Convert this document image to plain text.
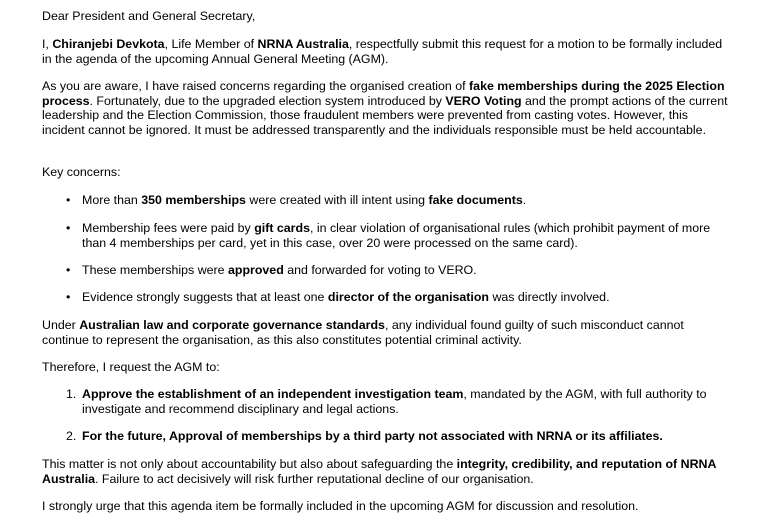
Dear President and General Secretary,

I, Chiranjebi Devkota, Life Member of NRNA Australia, respectfully submit this request for a motion to be formally included in the agenda of the upcoming Annual General Meeting (AGM).

As you are aware, I have raised concerns regarding the organised creation of fake memberships during the 2025 Election process. Fortunately, due to the upgraded election system introduced by VERO Voting and the prompt actions of the current leadership and the Election Commission, those fraudulent members were prevented from casting votes. However, this incident cannot be ignored. It must be addressed transparently and the individuals responsible must be held accountable.

Key concerns:

• More than 350 memberships were created with ill intent using fake documents.

• Membership fees were paid by gift cards, in clear violation of organisational rules (which prohibit payment of more than 4 memberships per card, yet in this case, over 20 were processed on the same card).

• These memberships were approved and forwarded for voting to VERO.

• Evidence strongly suggests that at least one director of the organisation was directly involved.

Under Australian law and corporate governance standards, any individual found guilty of such misconduct cannot continue to represent the organisation, as this also constitutes potential criminal activity.

Therefore, I request the AGM to:

1. Approve the establishment of an independent investigation team, mandated by the AGM, with full authority to investigate and recommend disciplinary and legal actions.

2. For the future, Approval of memberships by a third party not associated with NRNA or its affiliates.

This matter is not only about accountability but also about safeguarding the integrity, credibility, and reputation of NRNA Australia. Failure to act decisively will risk further reputational decline of our organisation.

I strongly urge that this agenda item be formally included in the upcoming AGM for discussion and resolution.
